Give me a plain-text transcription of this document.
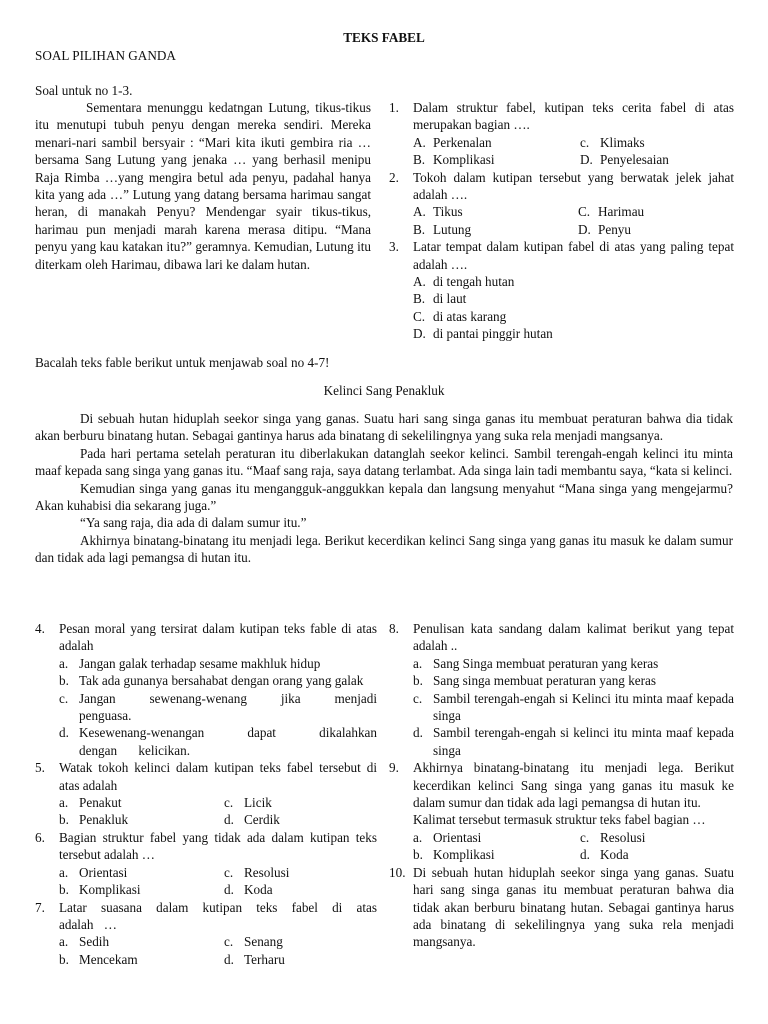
TEKS FABEL
SOAL PILIHAN GANDA
Soal untuk no 1-3.

Sementara menunggu kedatngan Lutung, tikus-tikus itu menutupi tubuh penyu dengan mereka sendiri. Mereka menari-nari sambil bersyair : “Mari kita ikuti gembira ria … bersama Sang Lutung yang jenaka … yang berhasil menipu Raja Rimba …yang mengira betul ada penyu, padahal hanya kita yang ada …” Lutung yang datang bersama harimau sangat heran, di manakah Penyu? Mendengar syair tikus-tikus, harimau pun menjadi marah karena merasa ditipu. “Mana penyu yang kau katakan itu?” geramnya. Kemudian, Lutung itu diterkam oleh Harimau, dibawa lari ke dalam hutan.

1.	Dalam struktur fabel, kutipan teks cerita fabel di atas merupakan bagian ….
A. Perkenalan	c. Klimaks
B. Komplikasi	D. Penyelesaian
2.	Tokoh dalam kutipan tersebut yang berwatak jelek jahat adalah ….
A. Tikus	C. Harimau
B. Lutung	D. Penyu
3.	Latar tempat dalam kutipan fabel di atas yang paling tepat adalah ….
A. di tengah hutan
B. di laut
C. di atas karang
D. di pantai pinggir hutan
Bacalah teks fable berikut untuk menjawab soal no 4-7!
Kelinci Sang Penakluk

Di sebuah hutan hiduplah seekor singa yang ganas. Suatu hari sang singa ganas itu membuat peraturan bahwa dia tidak akan berburu binatang hutan. Sebagai gantinya harus ada binatang di sekelilingnya yang suka rela menjadi mangsanya.

Pada hari pertama setelah peraturan itu diberlakukan datanglah seekor kelinci. Sambil terengah-engah kelinci itu minta maaf kepada sang singa yang ganas itu. “Maaf sang raja, saya datang terlambat. Ada singa lain tadi membantu saya, “kata si kelinci.

Kemudian singa yang ganas itu mengangguk-anggukkan kepala dan langsung menyahut “Mana singa yang mengejarmu? Akan kuhabisi dia sekarang juga.”

“Ya sang raja, dia ada di dalam sumur itu.”

Akhirnya binatang-binatang itu menjadi lega. Berikut kecerdikan kelinci Sang singa yang ganas itu masuk ke dalam sumur dan tidak ada lagi pemangsa di hutan itu.

4.	Pesan moral yang tersirat dalam kutipan teks fable di atas adalah
a. Jangan galak terhadap sesame makhluk hidup
b. Tak ada gunanya bersahabat dengan orang yang galak
c. Jangan sewenang-wenang jika menjadi penguasa.
d. Kesewenang-wenangan dapat dikalahkan dengan kelicikan.
5.	Watak tokoh kelinci dalam kutipan teks fabel tersebut di atas adalah
a. Penakut	c. Licik
b. Penakluk	d. Cerdik
6.	Bagian struktur fabel yang tidak ada dalam kutipan teks tersebut adalah …
a. Orientasi	c. Resolusi
b. Komplikasi	d. Koda
7.	Latar suasana dalam kutipan teks fabel di atas adalah …
a. Sedih	c. Senang
b. Mencekam	d. Terharu
8.	Penulisan kata sandang dalam kalimat berikut yang tepat adalah ..
a. Sang Singa membuat peraturan yang keras
b. Sang singa membuat peraturan yang keras
c. Sambil terengah-engah si Kelinci itu minta maaf kepada singa
d. Sambil terengah-engah si kelinci itu minta maaf kepada singa
9.	Akhirnya binatang-binatang itu menjadi lega. Berikut kecerdikan kelinci Sang singa yang ganas itu masuk ke dalam sumur dan tidak ada lagi pemangsa di hutan itu.
Kalimat tersebut termasuk struktur teks fabel bagian …
a. Orientasi	c. Resolusi
b. Komplikasi	d. Koda
10. Di sebuah hutan hiduplah seekor singa yang ganas. Suatu hari sang singa ganas itu membuat peraturan bahwa dia tidak akan berburu binatang hutan. Sebagai gantinya harus ada binatang di sekelilingnya yang suka rela menjadi mangsanya.
